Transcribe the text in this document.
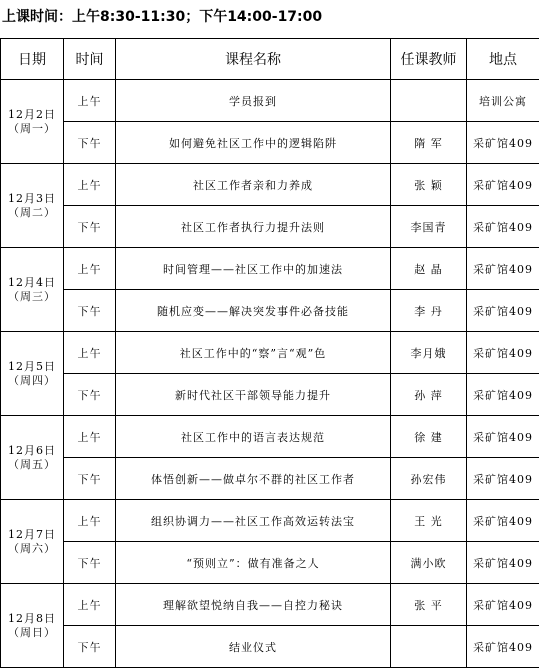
上课时间：上午8:30-11:30；下午14:00-17:00
日期	时间	课程名称	任课教师	地点

12月2日
（周一）	上午	学员报到		培训公寓
	下午	如何避免社区工作中的逻辑陷阱	隋 军	采矿馆409

12月3日
（周二）	上午	社区工作者亲和力养成	张 颖	采矿馆409
	下午	社区工作者执行力提升法则	李国青	采矿馆409

12月4日
（周三）	上午	时间管理——社区工作中的加速法	赵 晶	采矿馆409
	下午	随机应变——解决突发事件必备技能	李 丹	采矿馆409

12月5日
（周四）	上午	社区工作中的“察”言“观”色	李月娥	采矿馆409
	下午	新时代社区干部领导能力提升	孙 萍	采矿馆409

12月6日
（周五）	上午	社区工作中的语言表达规范	徐 建	采矿馆409
	下午	体悟创新——做卓尔不群的社区工作者	孙宏伟	采矿馆409

12月7日
（周六）	上午	组织协调力——社区工作高效运转法宝	王 光	采矿馆409
	下午	“预则立”：做有准备之人	满小欧	采矿馆409

12月8日
（周日）	上午	理解欲望悦纳自我——自控力秘诀	张 平	采矿馆409
	下午	结业仪式		采矿馆409
